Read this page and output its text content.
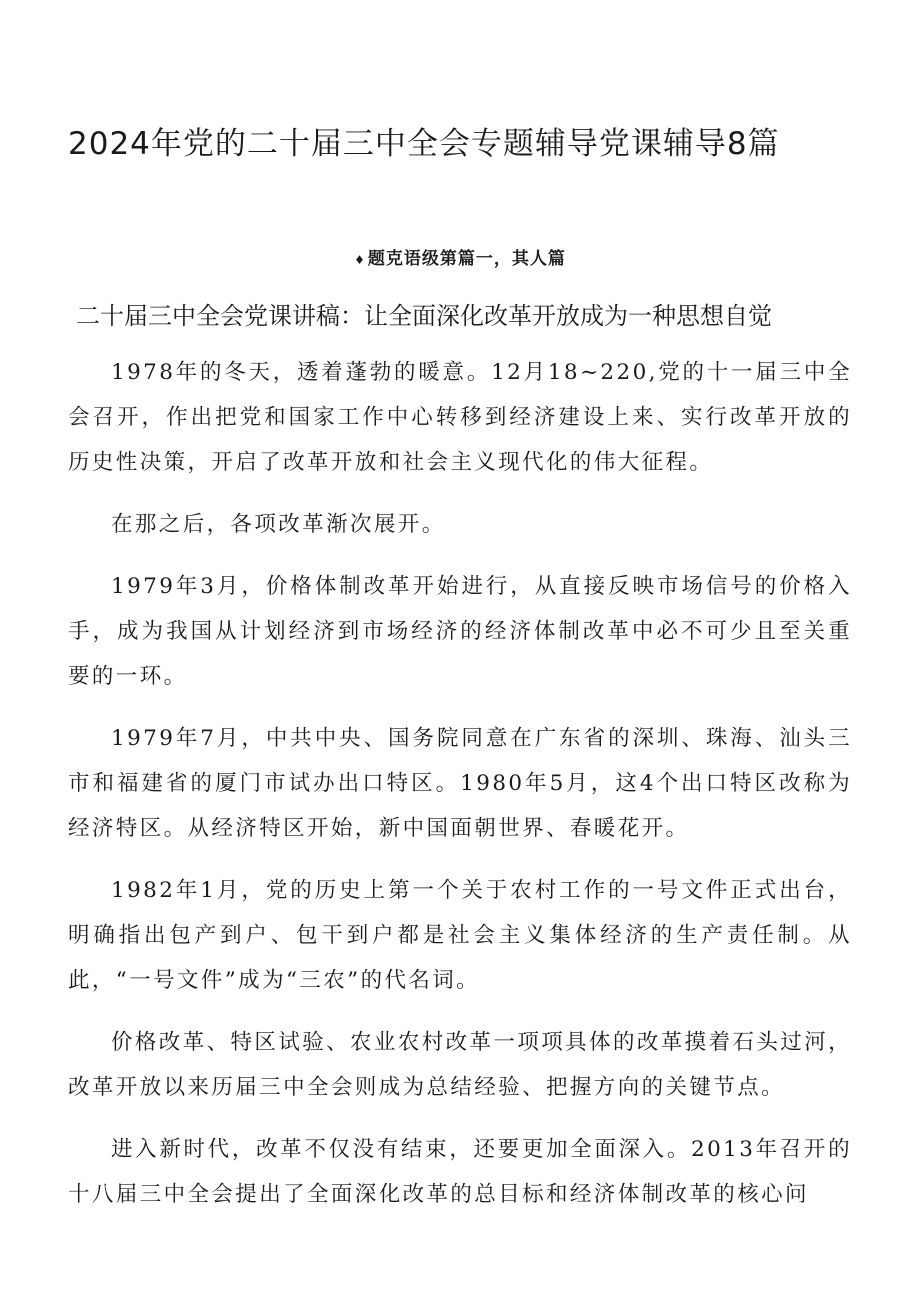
2024年党的二十届三中全会专题辅导党课辅导8篇
♦ 题克语级第篇一，其人篇
二十届三中全会党课讲稿：让全面深化改革开放成为一种思想自觉

1978年的冬天，透着蓬勃的暖意。12月18~220,党的十一届三中全会召开，作出把党和国家工作中心转移到经济建设上来、实行改革开放的历史性决策，开启了改革开放和社会主义现代化的伟大征程。

在那之后，各项改革渐次展开。

1979年3月，价格体制改革开始进行，从直接反映市场信号的价格入手，成为我国从计划经济到市场经济的经济体制改革中必不可少且至关重要的一环。

1979年7月，中共中央、国务院同意在广东省的深圳、珠海、汕头三市和福建省的厦门市试办出口特区。1980年5月，这4个出口特区改称为经济特区。从经济特区开始，新中国面朝世界、春暖花开。

1982年1月，党的历史上第一个关于农村工作的一号文件正式出台，明确指出包产到户、包干到户都是社会主义集体经济的生产责任制。从此，“一号文件”成为“三农”的代名词。

价格改革、特区试验、农业农村改革一项项具体的改革摸着石头过河，改革开放以来历届三中全会则成为总结经验、把握方向的关键节点。

进入新时代，改革不仅没有结束，还要更加全面深入。2013年召开的十八届三中全会提出了全面深化改革的总目标和经济体制改革的核心问
